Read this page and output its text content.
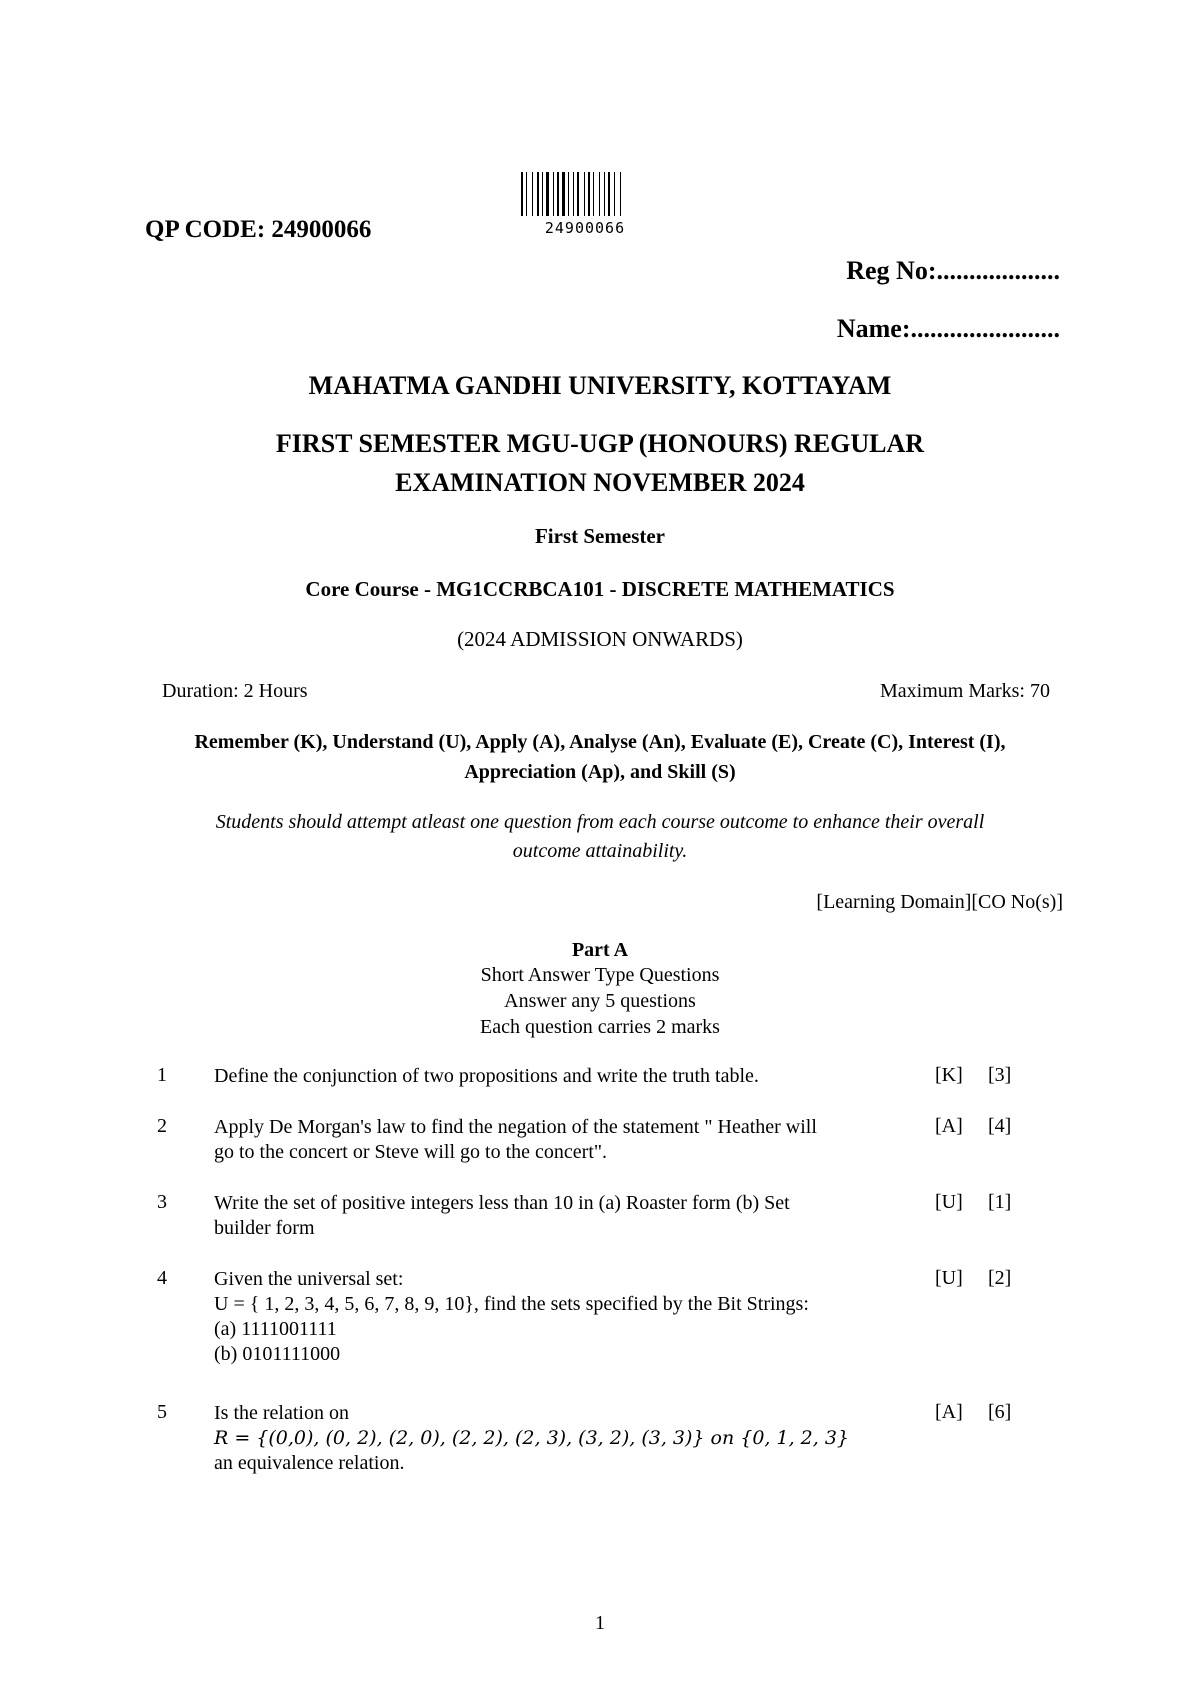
QP CODE: 24900066	24900066
Reg No:...................
Name:.......................
MAHATMA GANDHI UNIVERSITY, KOTTAYAM
FIRST SEMESTER MGU-UGP (HONOURS) REGULAR
EXAMINATION NOVEMBER 2024
First Semester
Core Course - MG1CCRBCA101 - DISCRETE MATHEMATICS
(2024 ADMISSION ONWARDS)
Duration: 2 Hours	Maximum Marks: 70
Remember (K), Understand (U), Apply (A), Analyse (An), Evaluate (E), Create (C), Interest (I),
Appreciation (Ap), and Skill (S)
Students should attempt atleast one question from each course outcome to enhance their overall
outcome attainability.
[Learning Domain][CO No(s)]
Part A
Short Answer Type Questions
Answer any 5 questions
Each question carries 2 marks
1 Define the conjunction of two propositions and write the truth table.	[K] [3]
2 Apply De Morgan's law to find the negation of the statement " Heather will
go to the concert or Steve will go to the concert".
[A] [4]
3 Write the set of positive integers less than 10 in (a) Roaster form (b) Set
builder form
[U] [1]
4 Given the universal set:
U = { 1, 2, 3, 4, 5, 6, 7, 8, 9, 10}, find the sets specified by the Bit Strings:
(a) 1111001111
(b) 0101111000
[U] [2]
5 Is the relation on
R = {(0,0), (0, 2), (2, 0), (2, 2), (2, 3), (3, 2), (3, 3)} on {0, 1, 2, 3}
an equivalence relation.
[A] [6]
1
